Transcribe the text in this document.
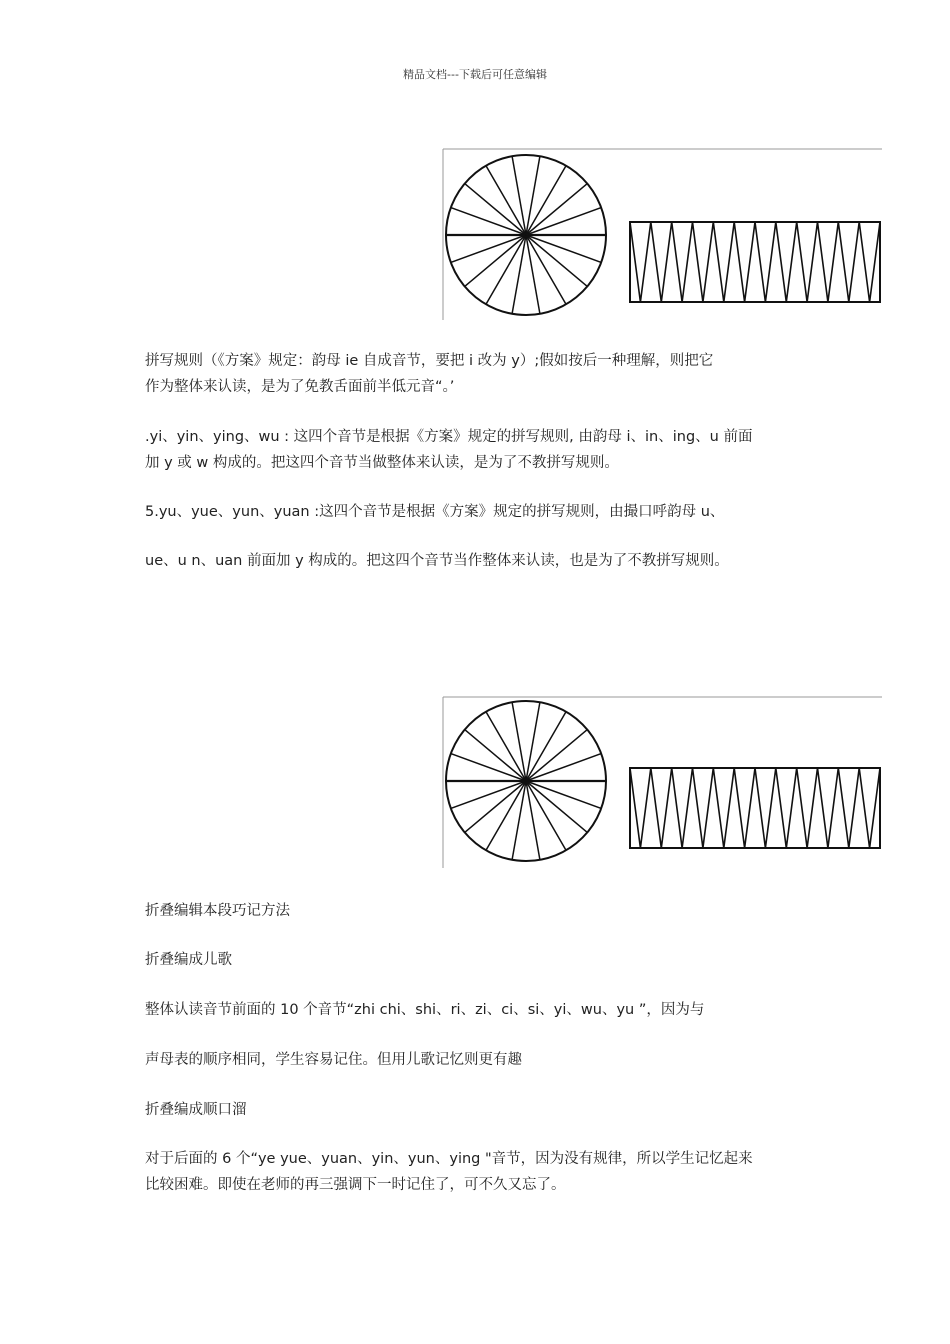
精品文档---下载后可任意编辑
拼写规则（《方案》规定：韵母 ie 自成音节，要把 i 改为 y）;假如按后一种理解，则把它
作为整体来认读，是为了免教舌面前半低元音“。’
.yi、yin、ying、wu : 这四个音节是根据《方案》规定的拼写规则, 由韵母 i、in、ing、u 前面
加 y 或 w 构成的。把这四个音节当做整体来认读，是为了不教拼写规则。
5.yu、yue、yun、yuan :这四个音节是根据《方案》规定的拼写规则，由撮口呼韵母 u、
ue、u n、uan 前面加 y 构成的。把这四个音节当作整体来认读，也是为了不教拼写规则。
折叠编辑本段巧记方法
折叠编成儿歌
整体认读音节前面的 10 个音节“zhi chi、shi、ri、zi、ci、si、yi、wu、yu ”，因为与
声母表的顺序相同，学生容易记住。但用儿歌记忆则更有趣
折叠编成顺口溜
对于后面的 6 个“ye yue、yuan、yin、yun、ying "音节，因为没有规律，所以学生记忆起来
比较困难。即使在老师的再三强调下一时记住了，可不久又忘了。
